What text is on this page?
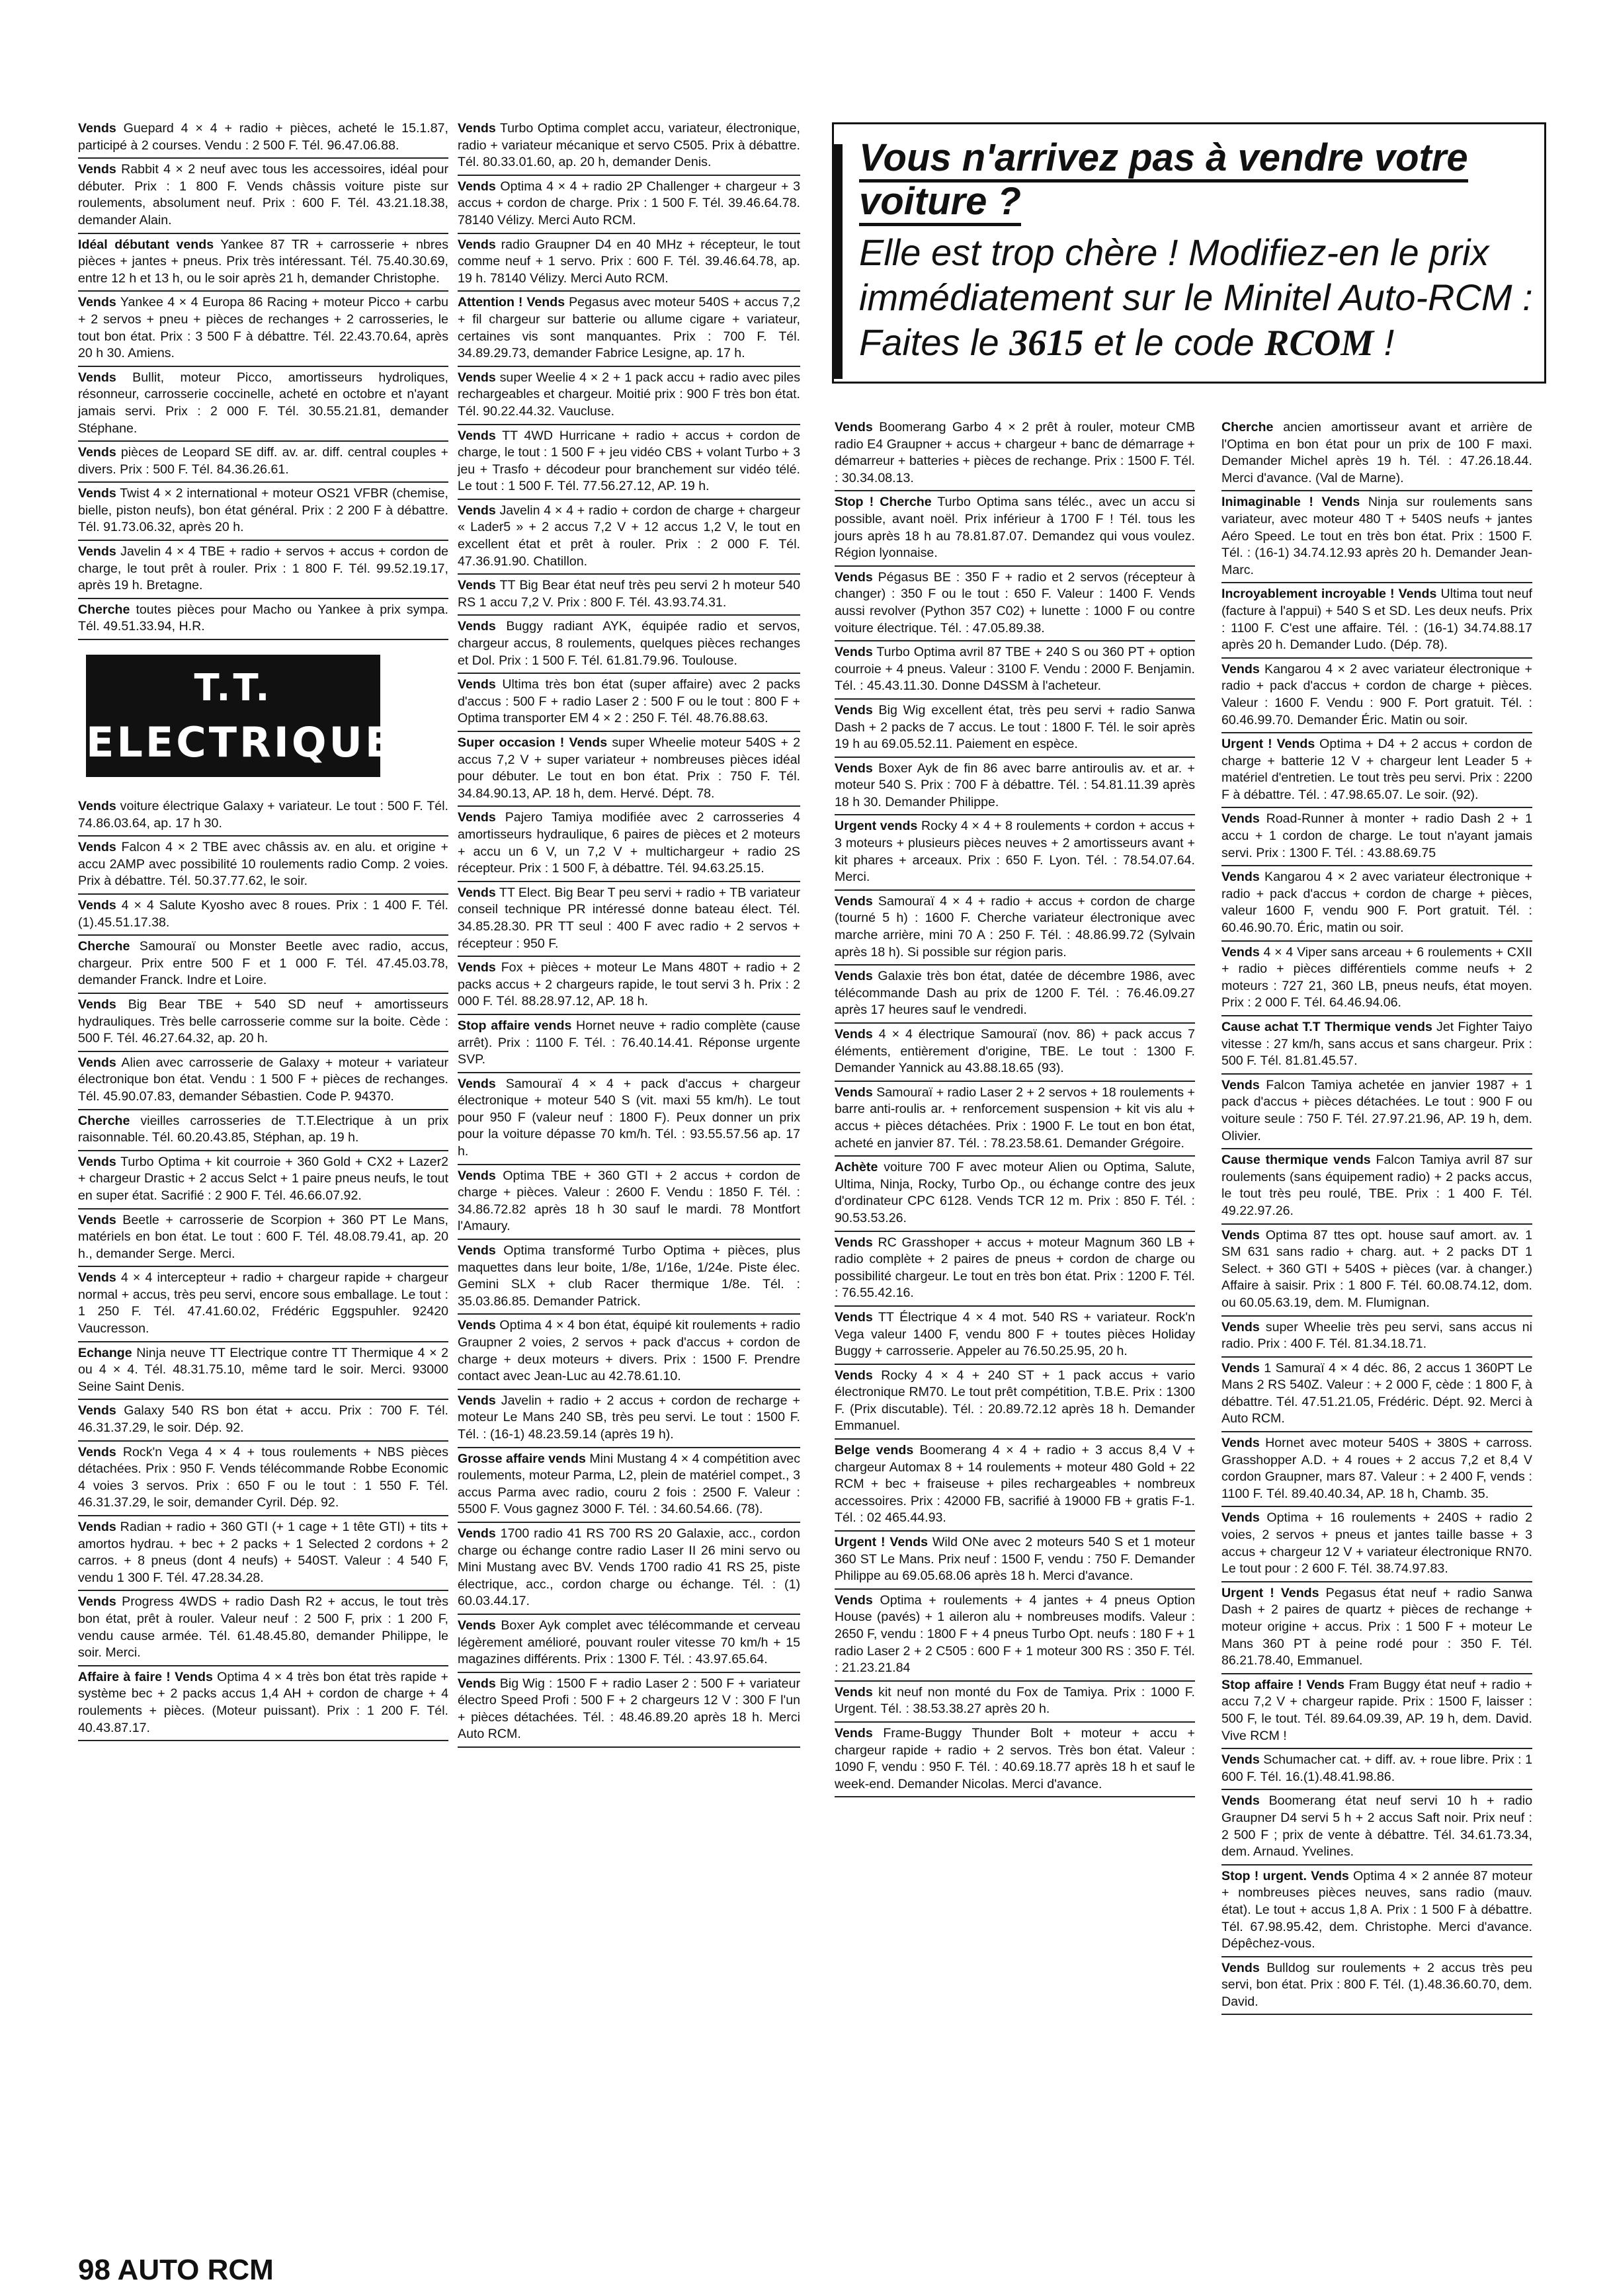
Vous n'arrivez pas à vendre votre voiture ?
Elle est trop chère ! Modifiez-en le prix immédiatement sur le Minitel Auto-RCM : Faites le 3615 et le code RCOM !

Vends Guepard 4 × 4 + radio + pièces, acheté le 15.1.87, participé à 2 courses. Vendu : 2 500 F. Tél. 96.47.06.88.

Vends Rabbit 4 × 2 neuf avec tous les accessoires, idéal pour débuter. Prix : 1 800 F. Vends châssis voiture piste sur roulements, absolument neuf. Prix : 600 F. Tél. 43.21.18.38, demander Alain.

Idéal débutant vends Yankee 87 TR + carrosserie + nbres pièces + jantes + pneus. Prix très intéressant. Tél. 75.40.30.69, entre 12 h et 13 h, ou le soir après 21 h, demander Christophe.

Vends Yankee 4 × 4 Europa 86 Racing + moteur Picco + carbu + 2 servos + pneu + pièces de rechanges + 2 carrosseries, le tout bon état. Prix : 3 500 F à débattre. Tél. 22.43.70.64, après 20 h 30. Amiens.

Vends Bullit, moteur Picco, amortisseurs hydroliques, résonneur, carrosserie coccinelle, acheté en octobre et n'ayant jamais servi. Prix : 2 000 F. Tél. 30.55.21.81, demander Stéphane.

Vends pièces de Leopard SE diff. av. ar. diff. central couples + divers. Prix : 500 F. Tél. 84.36.26.61.

Vends Twist 4 × 2 international + moteur OS21 VFBR (chemise, bielle, piston neufs), bon état général. Prix : 2 200 F à débattre. Tél. 91.73.06.32, après 20 h.

Vends Javelin 4 × 4 TBE + radio + servos + accus + cordon de charge, le tout prêt à rouler. Prix : 1 800 F. Tél. 99.52.19.17, après 19 h. Bretagne.

Cherche toutes pièces pour Macho ou Yankee à prix sympa. Tél. 49.51.33.94, H.R.

T.T.
ELECTRIQUE

Vends voiture électrique Galaxy + variateur. Le tout : 500 F. Tél. 74.86.03.64, ap. 17 h 30.

Vends Falcon 4 × 2 TBE avec châssis av. en alu. et origine + accu 2AMP avec possibilité 10 roulements radio Comp. 2 voies. Prix à débattre. Tél. 50.37.77.62, le soir.

Vends 4 × 4 Salute Kyosho avec 8 roues. Prix : 1 400 F. Tél. (1).45.51.17.38.

Cherche Samouraï ou Monster Beetle avec radio, accus, chargeur. Prix entre 500 F et 1 000 F. Tél. 47.45.03.78, demander Franck. Indre et Loire.

Vends Big Bear TBE + 540 SD neuf + amortisseurs hydrauliques. Très belle carrosserie comme sur la boite. Cède : 500 F. Tél. 46.27.64.32, ap. 20 h.

Vends Alien avec carrosserie de Galaxy + moteur + variateur électronique bon état. Vendu : 1 500 F + pièces de rechanges. Tél. 45.90.07.83, demander Sébastien. Code P. 94370.

Cherche vieilles carrosseries de T.T.Electrique à un prix raisonnable. Tél. 60.20.43.85, Stéphan, ap. 19 h.

Vends Turbo Optima + kit courroie + 360 Gold + CX2 + Lazer2 + chargeur Drastic + 2 accus Selct + 1 paire pneus neufs, le tout en super état. Sacrifié : 2 900 F. Tél. 46.66.07.92.

Vends Beetle + carrosserie de Scorpion + 360 PT Le Mans, matériels en bon état. Le tout : 600 F. Tél. 48.08.79.41, ap. 20 h., demander Serge. Merci.

Vends 4 × 4 intercepteur + radio + chargeur rapide + chargeur normal + accus, très peu servi, encore sous emballage. Le tout : 1 250 F. Tél. 47.41.60.02, Frédéric Eggspuhler. 92420 Vaucresson.

Echange Ninja neuve TT Electrique contre TT Thermique 4 × 2 ou 4 × 4. Tél. 48.31.75.10, même tard le soir. Merci. 93000 Seine Saint Denis.

Vends Galaxy 540 RS bon état + accu. Prix : 700 F. Tél. 46.31.37.29, le soir. Dép. 92.

Vends Rock'n Vega 4 × 4 + tous roulements + NBS pièces détachées. Prix : 950 F. Vends télécommande Robbe Economic 4 voies 3 servos. Prix : 650 F ou le tout : 1 550 F. Tél. 46.31.37.29, le soir, demander Cyril. Dép. 92.

Vends Radian + radio + 360 GTI (+ 1 cage + 1 tête GTI) + tits + amortos hydrau. + bec + 2 packs + 1 Selected 2 cordons + 2 carros. + 8 pneus (dont 4 neufs) + 540ST. Valeur : 4 540 F, vendu 1 300 F. Tél. 47.28.34.28.

Vends Progress 4WDS + radio Dash R2 + accus, le tout très bon état, prêt à rouler. Valeur neuf : 2 500 F, prix : 1 200 F, vendu cause armée. Tél. 61.48.45.80, demander Philippe, le soir. Merci.

Affaire à faire ! Vends Optima 4 × 4 très bon état très rapide + système bec + 2 packs accus 1,4 AH + cordon de charge + 4 roulements + pièces. (Moteur puissant). Prix : 1 200 F. Tél. 40.43.87.17.

Vends Turbo Optima complet accu, variateur, électronique, radio + variateur mécanique et servo C505. Prix à débattre. Tél. 80.33.01.60, ap. 20 h, demander Denis.

Vends Optima 4 × 4 + radio 2P Challenger + chargeur + 3 accus + cordon de charge. Prix : 1 500 F. Tél. 39.46.64.78. 78140 Vélizy. Merci Auto RCM.

Vends radio Graupner D4 en 40 MHz + récepteur, le tout comme neuf + 1 servo. Prix : 600 F. Tél. 39.46.64.78, ap. 19 h. 78140 Vélizy. Merci Auto RCM.

Attention ! Vends Pegasus avec moteur 540S + accus 7,2 + fil chargeur sur batterie ou allume cigare + variateur, certaines vis sont manquantes. Prix : 700 F. Tél. 34.89.29.73, demander Fabrice Lesigne, ap. 17 h.

Vends super Weelie 4 × 2 + 1 pack accu + radio avec piles rechargeables et chargeur. Moitié prix : 900 F très bon état. Tél. 90.22.44.32. Vaucluse.

Vends TT 4WD Hurricane + radio + accus + cordon de charge, le tout : 1 500 F + jeu vidéo CBS + volant Turbo + 3 jeu + Trasfo + décodeur pour branchement sur vidéo télé. Le tout : 1 500 F. Tél. 77.56.27.12, AP. 19 h.

Vends Javelin 4 × 4 + radio + cordon de charge + chargeur « Lader5 » + 2 accus 7,2 V + 12 accus 1,2 V, le tout en excellent état et prêt à rouler. Prix : 2 000 F. Tél. 47.36.91.90. Chatillon.

Vends TT Big Bear état neuf très peu servi 2 h moteur 540 RS 1 accu 7,2 V. Prix : 800 F. Tél. 43.93.74.31.

Vends Buggy radiant AYK, équipée radio et servos, chargeur accus, 8 roulements, quelques pièces rechanges et Dol. Prix : 1 500 F. Tél. 61.81.79.96. Toulouse.

Vends Ultima très bon état (super affaire) avec 2 packs d'accus : 500 F + radio Laser 2 : 500 F ou le tout : 800 F + Optima transporter EM 4 × 2 : 250 F. Tél. 48.76.88.63.

Super occasion ! Vends super Wheelie moteur 540S + 2 accus 7,2 V + super variateur + nombreuses pièces idéal pour débuter. Le tout en bon état. Prix : 750 F. Tél. 34.84.90.13, AP. 18 h, dem. Hervé. Dépt. 78.

Vends Pajero Tamiya modifiée avec 2 carrosseries 4 amortisseurs hydraulique, 6 paires de pièces et 2 moteurs + accu un 6 V, un 7,2 V + multichargeur + radio 2S récepteur. Prix : 1 500 F, à débattre. Tél. 94.63.25.15.

Vends TT Elect. Big Bear T peu servi + radio + TB variateur conseil technique PR intéressé donne bateau élect. Tél. 34.85.28.30. PR TT seul : 400 F avec radio + 2 servos + récepteur : 950 F.

Vends Fox + pièces + moteur Le Mans 480T + radio + 2 packs accus + 2 chargeurs rapide, le tout servi 3 h. Prix : 2 000 F. Tél. 88.28.97.12, AP. 18 h.

Stop affaire vends Hornet neuve + radio complète (cause arrêt). Prix : 1100 F. Tél. : 76.40.14.41. Réponse urgente SVP.

Vends Samouraï 4 × 4 + pack d'accus + chargeur électronique + moteur 540 S (vit. maxi 55 km/h). Le tout pour 950 F (valeur neuf : 1800 F). Peux donner un prix pour la voiture dépasse 70 km/h. Tél. : 93.55.57.56 ap. 17 h.

Vends Optima TBE + 360 GTI + 2 accus + cordon de charge + pièces. Valeur : 2600 F. Vendu : 1850 F. Tél. : 34.86.72.82 après 18 h 30 sauf le mardi. 78 Montfort l'Amaury.

Vends Optima transformé Turbo Optima + pièces, plus maquettes dans leur boite, 1/8e, 1/16e, 1/24e. Piste élec. Gemini SLX + club Racer thermique 1/8e. Tél. : 35.03.86.85. Demander Patrick.

Vends Optima 4 × 4 bon état, équipé kit roulements + radio Graupner 2 voies, 2 servos + pack d'accus + cordon de charge + deux moteurs + divers. Prix : 1500 F. Prendre contact avec Jean-Luc au 42.78.61.10.

Vends Javelin + radio + 2 accus + cordon de recharge + moteur Le Mans 240 SB, très peu servi. Le tout : 1500 F. Tél. : (16-1) 48.23.59.14 (après 19 h).

Grosse affaire vends Mini Mustang 4 × 4 compétition avec roulements, moteur Parma, L2, plein de matériel compet., 3 accus Parma avec radio, couru 2 fois : 2500 F. Valeur : 5500 F. Vous gagnez 3000 F. Tél. : 34.60.54.66. (78).

Vends 1700 radio 41 RS 700 RS 20 Galaxie, acc., cordon charge ou échange contre radio Laser II 26 mini servo ou Mini Mustang avec BV. Vends 1700 radio 41 RS 25, piste électrique, acc., cordon charge ou échange. Tél. : (1) 60.03.44.17.

Vends Boxer Ayk complet avec télécommande et cerveau légèrement amélioré, pouvant rouler vitesse 70 km/h + 15 magazines différents. Prix : 1300 F. Tél. : 43.97.65.64.

Vends Big Wig : 1500 F + radio Laser 2 : 500 F + variateur électro Speed Profi : 500 F + 2 chargeurs 12 V : 300 F l'un + pièces détachées. Tél. : 48.46.89.20 après 18 h. Merci Auto RCM.

Vends Boomerang Garbo 4 × 2 prêt à rouler, moteur CMB radio E4 Graupner + accus + chargeur + banc de démarrage + démarreur + batteries + pièces de rechange. Prix : 1500 F. Tél. : 30.34.08.13.

Stop ! Cherche Turbo Optima sans téléc., avec un accu si possible, avant noël. Prix inférieur à 1700 F ! Tél. tous les jours après 18 h au 78.81.87.07. Demandez qui vous voulez. Région lyonnaise.

Vends Pégasus BE : 350 F + radio et 2 servos (récepteur à changer) : 350 F ou le tout : 650 F. Valeur : 1400 F. Vends aussi revolver (Python 357 C02) + lunette : 1000 F ou contre voiture électrique. Tél. : 47.05.89.38.

Vends Turbo Optima avril 87 TBE + 240 S ou 360 PT + option courroie + 4 pneus. Valeur : 3100 F. Vendu : 2000 F. Benjamin. Tél. : 45.43.11.30. Donne D4SSM à l'acheteur.

Vends Big Wig excellent état, très peu servi + radio Sanwa Dash + 2 packs de 7 accus. Le tout : 1800 F. Tél. le soir après 19 h au 69.05.52.11. Paiement en espèce.

Vends Boxer Ayk de fin 86 avec barre antiroulis av. et ar. + moteur 540 S. Prix : 700 F à débattre. Tél. : 54.81.11.39 après 18 h 30. Demander Philippe.

Urgent vends Rocky 4 × 4 + 8 roulements + cordon + accus + 3 moteurs + plusieurs pièces neuves + 2 amortisseurs avant + kit phares + arceaux. Prix : 650 F. Lyon. Tél. : 78.54.07.64. Merci.

Vends Samouraï 4 × 4 + radio + accus + cordon de charge (tourné 5 h) : 1600 F. Cherche variateur électronique avec marche arrière, mini 70 A : 250 F. Tél. : 48.86.99.72 (Sylvain après 18 h). Si possible sur région paris.

Vends Galaxie très bon état, datée de décembre 1986, avec télécommande Dash au prix de 1200 F. Tél. : 76.46.09.27 après 17 heures sauf le vendredi.

Vends 4 × 4 électrique Samouraï (nov. 86) + pack accus 7 éléments, entièrement d'origine, TBE. Le tout : 1300 F. Demander Yannick au 43.88.18.65 (93).

Vends Samouraï + radio Laser 2 + 2 servos + 18 roulements + barre anti-roulis ar. + renforcement suspension + kit vis alu + accus + pièces détachées. Prix : 1900 F. Le tout en bon état, acheté en janvier 87. Tél. : 78.23.58.61. Demander Grégoire.

Achète voiture 700 F avec moteur Alien ou Optima, Salute, Ultima, Ninja, Rocky, Turbo Op., ou échange contre des jeux d'ordinateur CPC 6128. Vends TCR 12 m. Prix : 850 F. Tél. : 90.53.53.26.

Vends RC Grasshoper + accus + moteur Magnum 360 LB + radio complète + 2 paires de pneus + cordon de charge ou possibilité chargeur. Le tout en très bon état. Prix : 1200 F. Tél. : 76.55.42.16.

Vends TT Électrique 4 × 4 mot. 540 RS + variateur. Rock'n Vega valeur 1400 F, vendu 800 F + toutes pièces Holiday Buggy + carrosserie. Appeler au 76.50.25.95, 20 h.

Vends Rocky 4 × 4 + 240 ST + 1 pack accus + vario électronique RM70. Le tout prêt compétition, T.B.E. Prix : 1300 F. (Prix discutable). Tél. : 20.89.72.12 après 18 h. Demander Emmanuel.

Belge vends Boomerang 4 × 4 + radio + 3 accus 8,4 V + chargeur Automax 8 + 14 roulements + moteur 480 Gold + 22 RCM + bec + fraiseuse + piles rechargeables + nombreux accessoires. Prix : 42000 FB, sacrifié à 19000 FB + gratis F-1. Tél. : 02 465.44.93.

Urgent ! Vends Wild ONe avec 2 moteurs 540 S et 1 moteur 360 ST Le Mans. Prix neuf : 1500 F, vendu : 750 F. Demander Philippe au 69.05.68.06 après 18 h. Merci d'avance.

Vends Optima + roulements + 4 jantes + 4 pneus Option House (pavés) + 1 aileron alu + nombreuses modifs. Valeur : 2650 F, vendu : 1800 F + 4 pneus Turbo Opt. neufs : 180 F + 1 radio Laser 2 + 2 C505 : 600 F + 1 moteur 300 RS : 350 F. Tél. : 21.23.21.84

Vends kit neuf non monté du Fox de Tamiya. Prix : 1000 F. Urgent. Tél. : 38.53.38.27 après 20 h.

Vends Frame-Buggy Thunder Bolt + moteur + accu + chargeur rapide + radio + 2 servos. Très bon état. Valeur : 1090 F, vendu : 950 F. Tél. : 40.69.18.77 après 18 h et sauf le week-end. Demander Nicolas. Merci d'avance.

Cherche ancien amortisseur avant et arrière de l'Optima en bon état pour un prix de 100 F maxi. Demander Michel après 19 h. Tél. : 47.26.18.44. Merci d'avance. (Val de Marne).

Inimaginable ! Vends Ninja sur roulements sans variateur, avec moteur 480 T + 540S neufs + jantes Aéro Speed. Le tout en très bon état. Prix : 1500 F. Tél. : (16-1) 34.74.12.93 après 20 h. Demander Jean-Marc.

Incroyablement incroyable ! Vends Ultima tout neuf (facture à l'appui) + 540 S et SD. Les deux neufs. Prix : 1100 F. C'est une affaire. Tél. : (16-1) 34.74.88.17 après 20 h. Demander Ludo. (Dép. 78).

Vends Kangarou 4 × 2 avec variateur électronique + radio + pack d'accus + cordon de charge + pièces. Valeur : 1600 F. Vendu : 900 F. Port gratuit. Tél. : 60.46.99.70. Demander Éric. Matin ou soir.

Urgent ! Vends Optima + D4 + 2 accus + cordon de charge + batterie 12 V + chargeur lent Leader 5 + matériel d'entretien. Le tout très peu servi. Prix : 2200 F à débattre. Tél. : 47.98.65.07. Le soir. (92).

Vends Road-Runner à monter + radio Dash 2 + 1 accu + 1 cordon de charge. Le tout n'ayant jamais servi. Prix : 1300 F. Tél. : 43.88.69.75

Vends Kangarou 4 × 2 avec variateur électronique + radio + pack d'accus + cordon de charge + pièces, valeur 1600 F, vendu 900 F. Port gratuit. Tél. : 60.46.90.70. Éric, matin ou soir.

Vends 4 × 4 Viper sans arceau + 6 roulements + CXII + radio + pièces différentiels comme neufs + 2 moteurs : 727 21, 360 LB, pneus neufs, état moyen. Prix : 2 000 F. Tél. 64.46.94.06.

Cause achat T.T Thermique vends Jet Fighter Taiyo vitesse : 27 km/h, sans accus et sans chargeur. Prix : 500 F. Tél. 81.81.45.57.

Vends Falcon Tamiya achetée en janvier 1987 + 1 pack d'accus + pièces détachées. Le tout : 900 F ou voiture seule : 750 F. Tél. 27.97.21.96, AP. 19 h, dem. Olivier.

Cause thermique vends Falcon Tamiya avril 87 sur roulements (sans équipement radio) + 2 packs accus, le tout très peu roulé, TBE. Prix : 1 400 F. Tél. 49.22.97.26.

Vends Optima 87 ttes opt. house sauf amort. av. 1 SM 631 sans radio + charg. aut. + 2 packs DT 1 Select. + 360 GTI + 540S + pièces (var. à changer.) Affaire à saisir. Prix : 1 800 F. Tél. 60.08.74.12, dom. ou 60.05.63.19, dem. M. Flumignan.

Vends super Wheelie très peu servi, sans accus ni radio. Prix : 400 F. Tél. 81.34.18.71.

Vends 1 Samuraï 4 × 4 déc. 86, 2 accus 1 360PT Le Mans 2 RS 540Z. Valeur : + 2 000 F, cède : 1 800 F, à débattre. Tél. 47.51.21.05, Frédéric. Dépt. 92. Merci à Auto RCM.

Vends Hornet avec moteur 540S + 380S + carross. Grasshopper A.D. + 4 roues + 2 accus 7,2 et 8,4 V cordon Graupner, mars 87. Valeur : + 2 400 F, vends : 1100 F. Tél. 89.40.40.34, AP. 18 h, Chamb. 35.

Vends Optima + 16 roulements + 240S + radio 2 voies, 2 servos + pneus et jantes taille basse + 3 accus + chargeur 12 V + variateur électronique RN70. Le tout pour : 2 600 F. Tél. 38.74.97.83.

Urgent ! Vends Pegasus état neuf + radio Sanwa Dash + 2 paires de quartz + pièces de rechange + moteur origine + accus. Prix : 1 500 F + moteur Le Mans 360 PT à peine rodé pour : 350 F. Tél. 86.21.78.40, Emmanuel.

Stop affaire ! Vends Fram Buggy état neuf + radio + accu 7,2 V + chargeur rapide. Prix : 1500 F, laisser : 500 F, le tout. Tél. 89.64.09.39, AP. 19 h, dem. David. Vive RCM !

Vends Schumacher cat. + diff. av. + roue libre. Prix : 1 600 F. Tél. 16.(1).48.41.98.86.

Vends Boomerang état neuf servi 10 h + radio Graupner D4 servi 5 h + 2 accus Saft noir. Prix neuf : 2 500 F ; prix de vente à débattre. Tél. 34.61.73.34, dem. Arnaud. Yvelines.

Stop ! urgent. Vends Optima 4 × 2 année 87 moteur + nombreuses pièces neuves, sans radio (mauv. état). Le tout + accus 1,8 A. Prix : 1 500 F à débattre. Tél. 67.98.95.42, dem. Christophe. Merci d'avance. Dépêchez-vous.

Vends Bulldog sur roulements + 2 accus très peu servi, bon état. Prix : 800 F. Tél. (1).48.36.60.70, dem. David.

98 AUTO RCM
